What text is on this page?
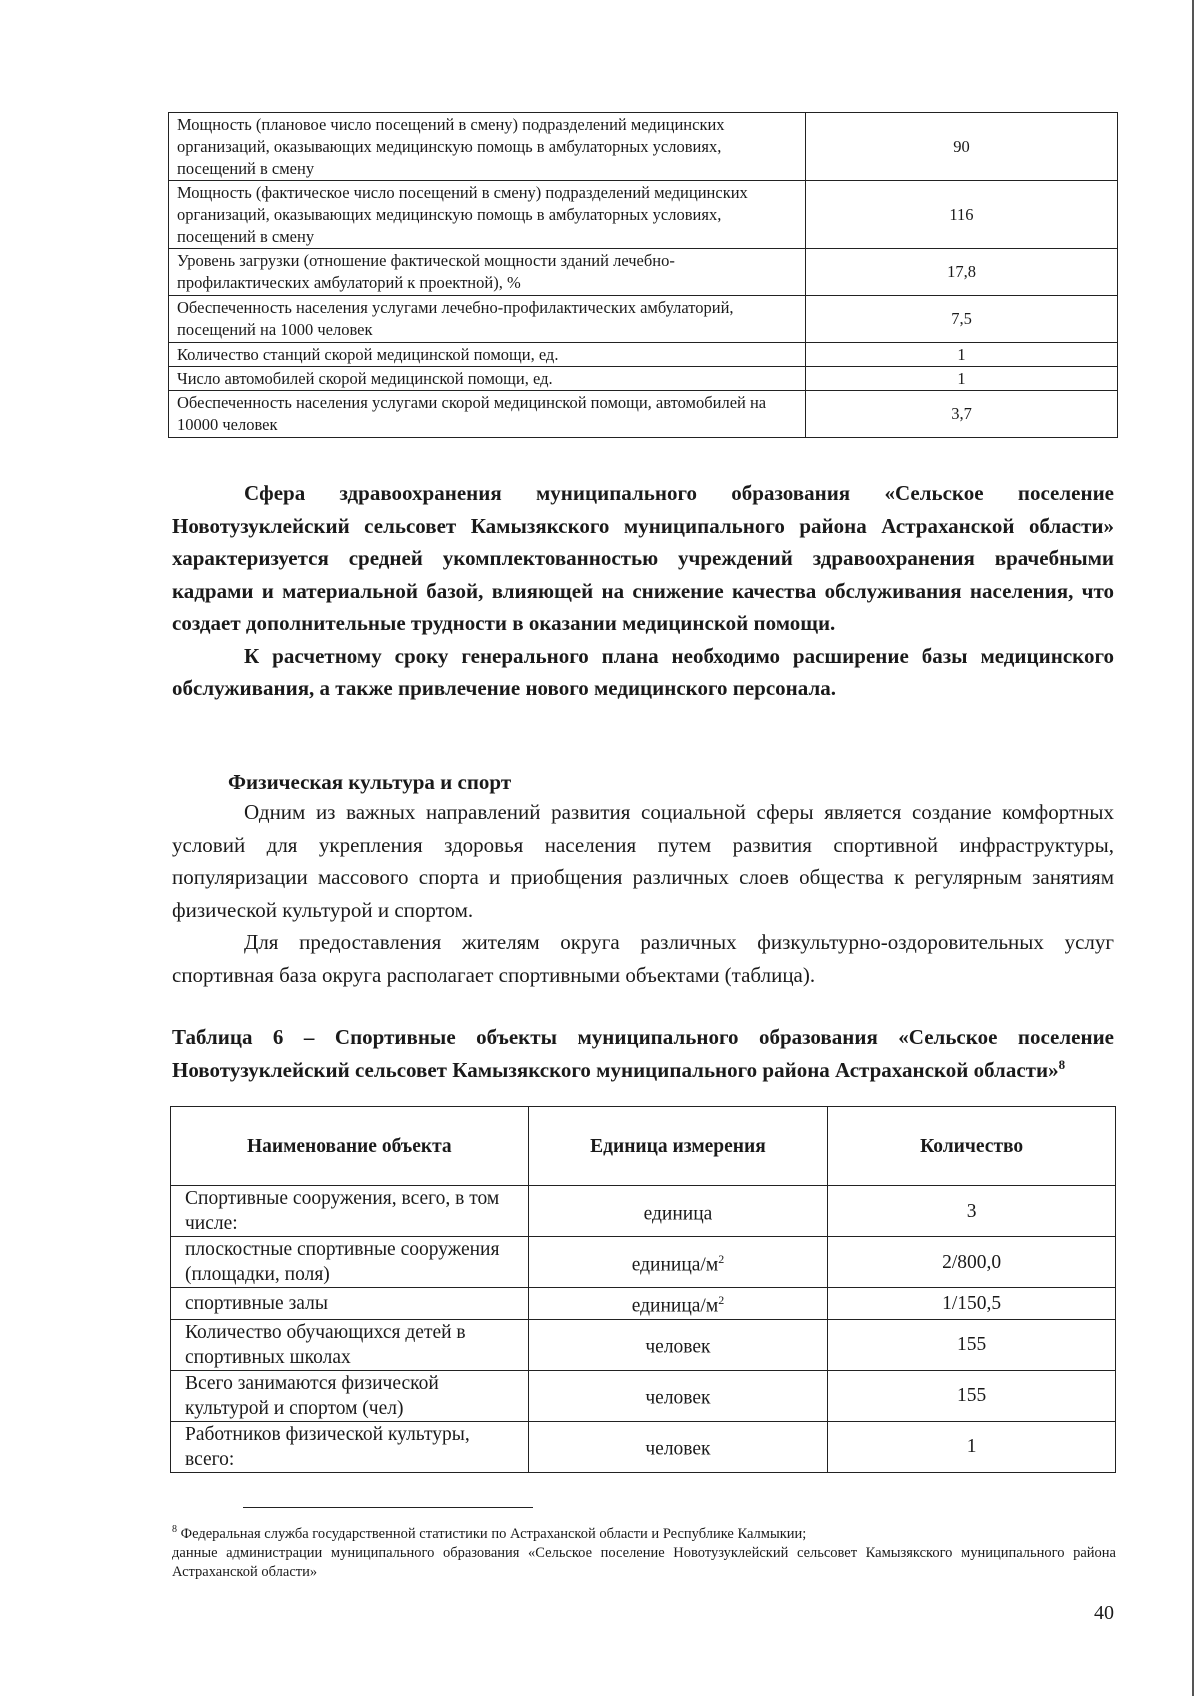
Мощность (плановое число посещений в смену) подразделений медицинских организаций, оказывающих медицинскую помощь в амбулаторных условиях, посещений в смену	90
Мощность (фактическое число посещений в смену) подразделений медицинских организаций, оказывающих медицинскую помощь в амбулаторных условиях, посещений в смену	116
Уровень загрузки (отношение фактической мощности зданий лечебно-профилактических амбулаторий к проектной), %	17,8
Обеспеченность населения услугами лечебно-профилактических амбулаторий, посещений на 1000 человек	7,5
Количество станций скорой медицинской помощи, ед.	1
Число автомобилей скорой медицинской помощи, ед.	1
Обеспеченность населения услугами скорой медицинской помощи, автомобилей на 10000 человек	3,7

Сфера здравоохранения муниципального образования «Сельское поселение Новотузуклейский сельсовет Камызякского муниципального района Астраханской области» характеризуется средней укомплектованностью учреждений здравоохранения врачебными кадрами и материальной базой, влияющей на снижение качества обслуживания населения, что создает дополнительные трудности в оказании медицинской помощи.

К расчетному сроку генерального плана необходимо расширение базы медицинского обслуживания, а также привлечение нового медицинского персонала.

Физическая культура и спорт

Одним из важных направлений развития социальной сферы является создание комфортных условий для укрепления здоровья населения путем развития спортивной инфраструктуры, популяризации массового спорта и приобщения различных слоев общества к регулярным занятиям физической культурой и спортом.

Для предоставления жителям округа различных физкультурно-оздоровительных услуг спортивная база округа располагает спортивными объектами (таблица).

Таблица 6 – Спортивные объекты муниципального образования «Сельское поселение Новотузуклейский сельсовет Камызякского муниципального района Астраханской области»$^8$
Наименование объекта	Единица измерения	Количество
Спортивные сооружения, всего, в том числе:	единица	3
плоскостные спортивные сооружения (площадки, поля)	единица/$м^2$	2/800,0
спортивные залы	единица/$м^2$	1/150,5
Количество обучающихся детей в спортивных школах	человек	155
Всего занимаются физической культурой и спортом (чел)	человек	155
Работников физической культуры, всего:	человек	1
$^8$ Федеральная служба государственной статистики по Астраханской области и Республике Калмыкии;
данные администрации муниципального образования «Сельское поселение Новотузуклейский сельсовет Камызякского муниципального района Астраханской области»
40
